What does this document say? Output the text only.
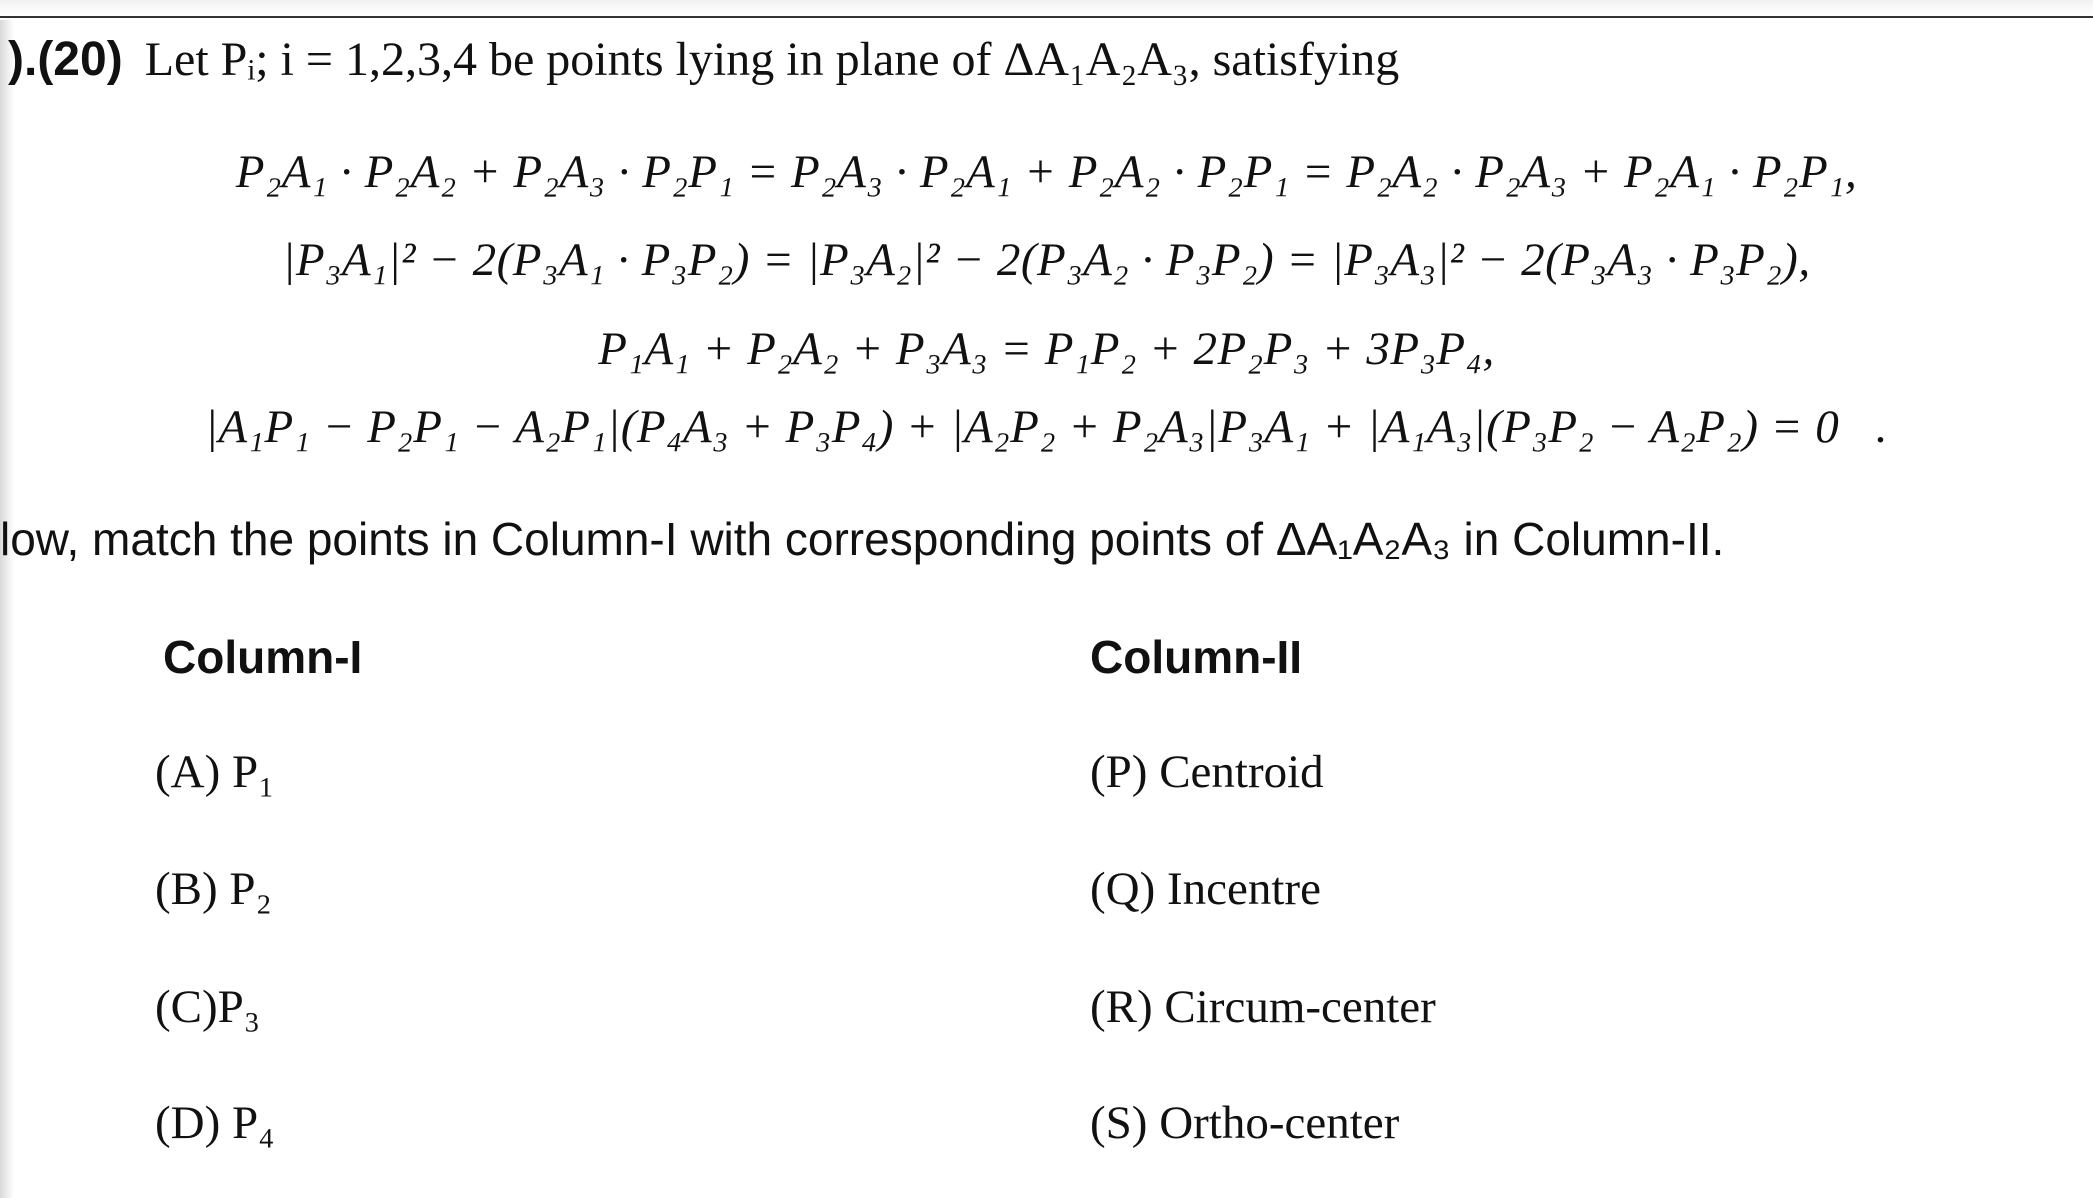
).(20) Let Pᵢ; i = 1,2,3,4 be points lying in plane of ΔA₁A₂A₃, satisfying
P₂A₁ · P₂A₂ + P₂A₃ · P₂P₁ = P₂A₃ · P₂A₁ + P₂A₂ · P₂P₁ = P₂A₂ · P₂A₃ + P₂A₁ · P₂P₁,
|P₃A₁|² − 2(P₃A₁ · P₃P₂) = |P₃A₂|² − 2(P₃A₂ · P₃P₂) = |P₃A₃|² − 2(P₃A₃ · P₃P₂),
P₁A₁ + P₂A₂ + P₃A₃ = P₁P₂ + 2P₂P₃ + 3P₃P₄,
|A₁P₁ − P₂P₁ − A₂P₁|(P₄A₃ + P₃P₄) + |A₂P₂ + P₂A₃|P₃A₁ + |A₁A₃|(P₃P₂ − A₂P₂) = 0⃗.
low, match the points in Column-I with corresponding points of ΔA₁A₂A₃ in Column-II.
Column-I	Column-II
(A) P₁
(B) P₂
(C)P₃
(D) P₄
(P) Centroid
(Q) Incentre
(R) Circum-center
(S) Ortho-center
